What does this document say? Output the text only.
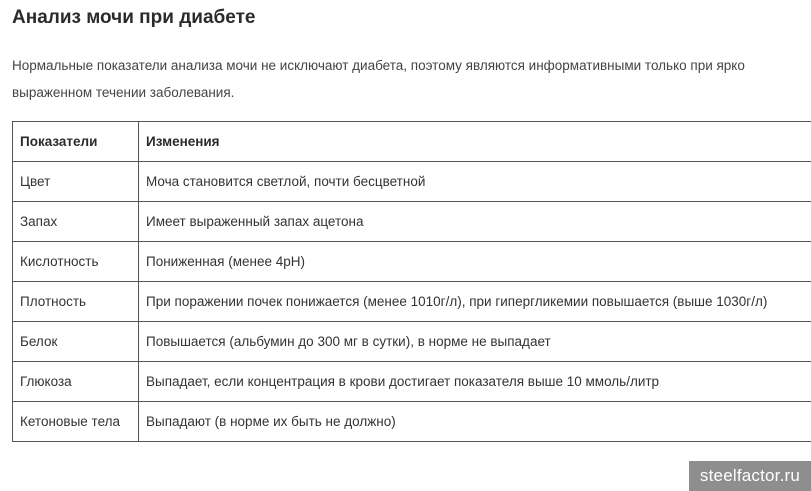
Анализ мочи при диабете

Нормальные показатели анализа мочи не исключают диабета, поэтому являются информативными только при ярко выраженном течении заболевания.

Показатели	Изменения
Цвет	Моча становится светлой, почти бесцветной
Запах	Имеет выраженный запах ацетона
Кислотность	Пониженная (менее 4рН)
Плотность	При поражении почек понижается (менее 1010г/л), при гипергликемии повышается (выше 1030г/л)
Белок	Повышается (альбумин до 300 мг в сутки), в норме не выпадает
Глюкоза	Выпадает, если концентрация в крови достигает показателя выше 10 ммоль/литр
Кетоновые тела	Выпадают (в норме их быть не должно)
steelfactor.ru
